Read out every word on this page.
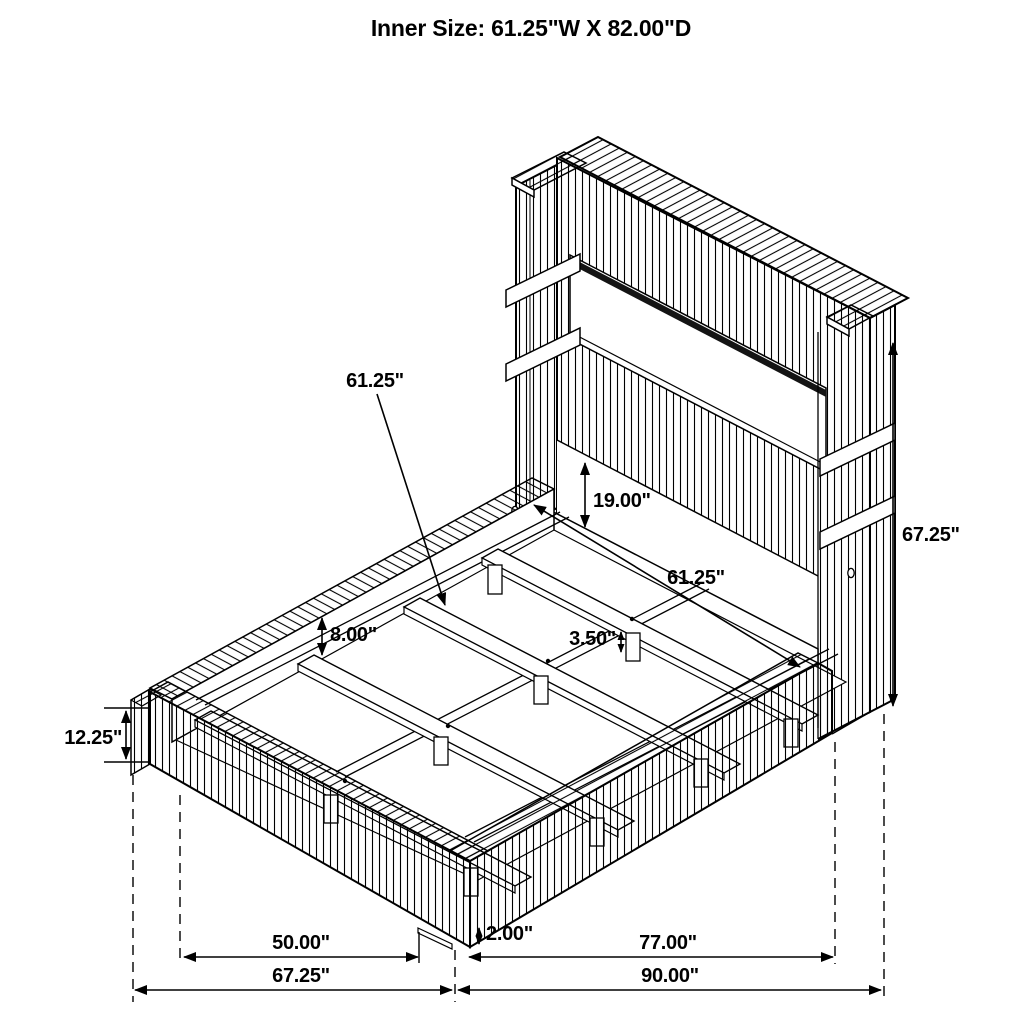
Inner Size: 61.25"W X 82.00"D
61.25"
19.00"
61.25"
67.25"
8.00"	3.50"
12.25"
50.00"	2.00"	77.00"
67.25"	90.00"
